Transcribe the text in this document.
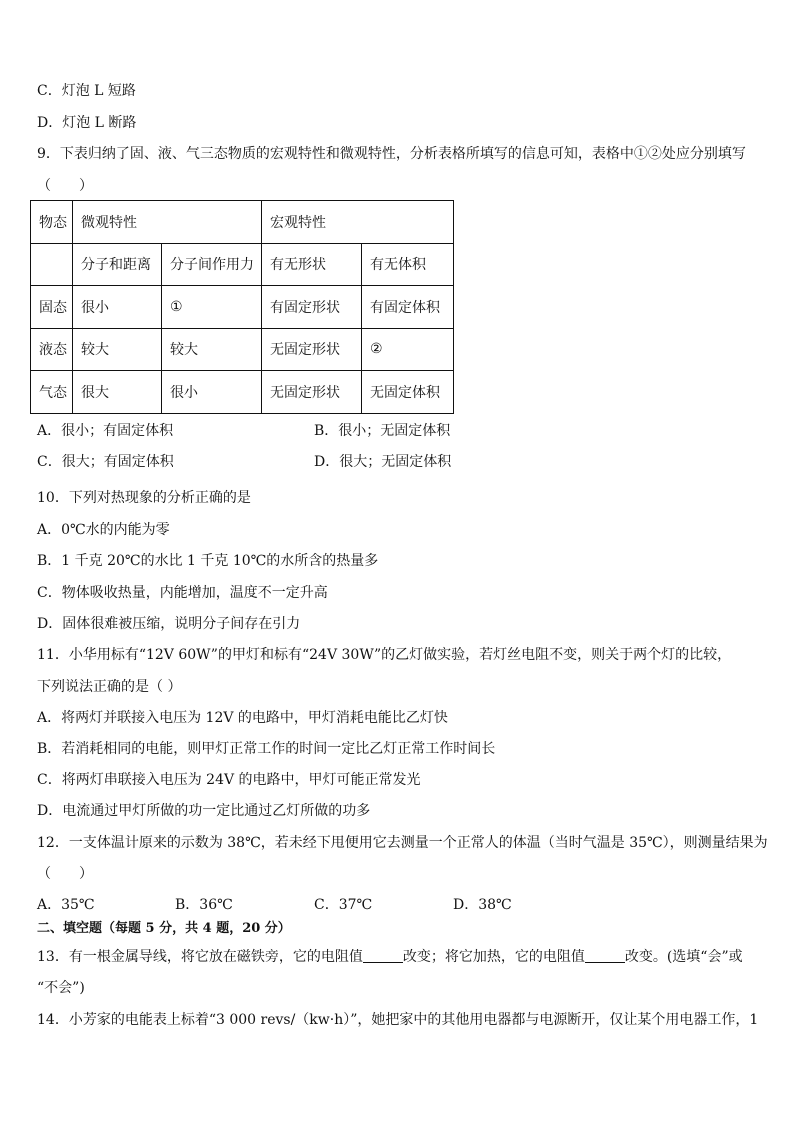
C．灯泡 L 短路
D．灯泡 L 断路
9．下表归纳了固、液、气三态物质的宏观特性和微观特性，分析表格所填写的信息可知，表格中①②处应分别填写
（　　）
物态	微观特性		宏观特性	
	分子和距离	分子间作用力	有无形状	有无体积
固态	很小	①	有固定形状	有固定体积
液态	较大	较大	无固定形状	②
气态	很大	很小	无固定形状	无固定体积
A．很小；有固定体积	B．很小；无固定体积
C．很大；有固定体积	D．很大；无固定体积
10．下列对热现象的分析正确的是
A．0℃水的内能为零
B．1 千克 20℃的水比 1 千克 10℃的水所含的热量多
C．物体吸收热量，内能增加，温度不一定升高
D．固体很难被压缩，说明分子间存在引力
11．小华用标有“12V 60W”的甲灯和标有“24V 30W”的乙灯做实验，若灯丝电阻不变，则关于两个灯的比较，
下列说法正确的是（ ）
A．将两灯并联接入电压为 12V 的电路中，甲灯消耗电能比乙灯快
B．若消耗相同的电能，则甲灯正常工作的时间一定比乙灯正常工作时间长
C．将两灯串联接入电压为 24V 的电路中，甲灯可能正常发光
D．电流通过甲灯所做的功一定比通过乙灯所做的功多
12．一支体温计原来的示数为 38℃，若未经下甩便用它去测量一个正常人的体温（当时气温是 35℃），则测量结果为
（　　）
A．35℃	B．36℃	C．37℃	D．38℃
二、填空题（每题 5 分，共 4 题，20 分）
13．有一根金属导线，将它放在磁铁旁，它的电阻值	改变；将它加热，它的电阻值	改变。(选填“会”或
“不会”)
14．小芳家的电能表上标着“3 000 revs/（kw·h）”，她把家中的其他用电器都与电源断开，仅让某个用电器工作，1
